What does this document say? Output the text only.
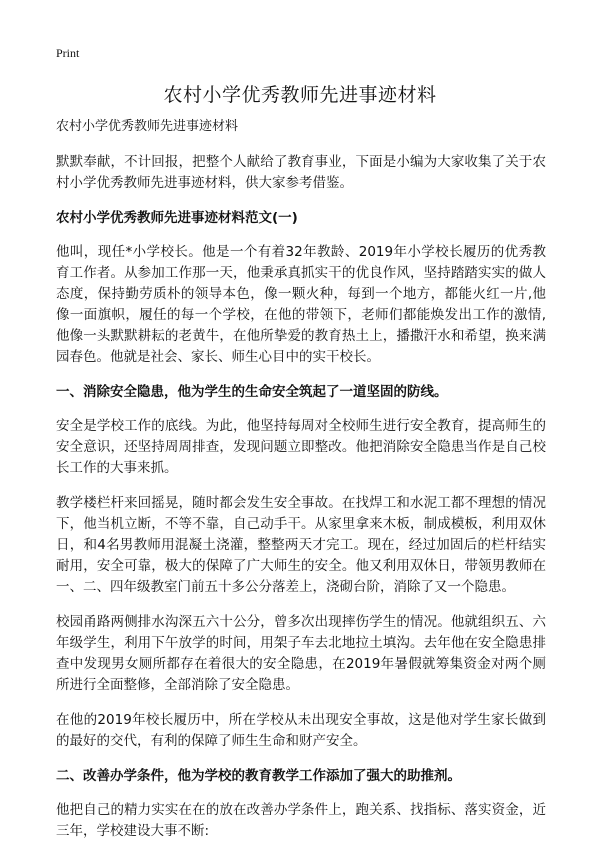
Print
农村小学优秀教师先进事迹材料
农村小学优秀教师先进事迹材料

默默奉献，不计回报，把整个人献给了教育事业，下面是小编为大家收集了关于农村小学优秀教师先进事迹材料，供大家参考借鉴。

农村小学优秀教师先进事迹材料范文(一)

他叫，现任*小学校长。他是一个有着32年教龄、2019年小学校长履历的优秀教育工作者。从参加工作那一天，他秉承真抓实干的优良作风，坚持踏踏实实的做人态度，保持勤劳质朴的领导本色，像一颗火种，每到一个地方，都能火红一片,他像一面旗帜，履任的每一个学校，在他的带领下，老师们都能焕发出工作的激情,他像一头默默耕耘的老黄牛，在他所挚爱的教育热土上，播撒汗水和希望，换来满园春色。他就是社会、家长、师生心目中的实干校长。

一、消除安全隐患，他为学生的生命安全筑起了一道坚固的防线。

安全是学校工作的底线。为此，他坚持每周对全校师生进行安全教育，提高师生的安全意识，还坚持周周排查，发现问题立即整改。他把消除安全隐患当作是自己校长工作的大事来抓。

教学楼栏杆来回摇晃，随时都会发生安全事故。在找焊工和水泥工都不理想的情况下，他当机立断，不等不靠，自己动手干。从家里拿来木板，制成模板，利用双休日，和4名男教师用混凝土浇灌，整整两天才完工。现在，经过加固后的栏杆结实耐用，安全可靠，极大的保障了广大师生的安全。他又利用双休日，带领男教师在一、二、四年级教室门前五十多公分落差上，浇砌台阶，消除了又一个隐患。

校园甬路两侧排水沟深五六十公分，曾多次出现摔伤学生的情况。他就组织五、六年级学生，利用下午放学的时间，用架子车去北地拉土填沟。去年他在安全隐患排查中发现男女厕所都存在着很大的安全隐患，在2019年暑假就筹集资金对两个厕所进行全面整修，全部消除了安全隐患。

在他的2019年校长履历中，所在学校从未出现安全事故，这是他对学生家长做到的最好的交代，有利的保障了师生生命和财产安全。

二、改善办学条件，他为学校的教育教学工作添加了强大的助推剂。

他把自己的精力实实在在的放在改善办学条件上，跑关系、找指标、落实资金，近三年，学校建设大事不断:
